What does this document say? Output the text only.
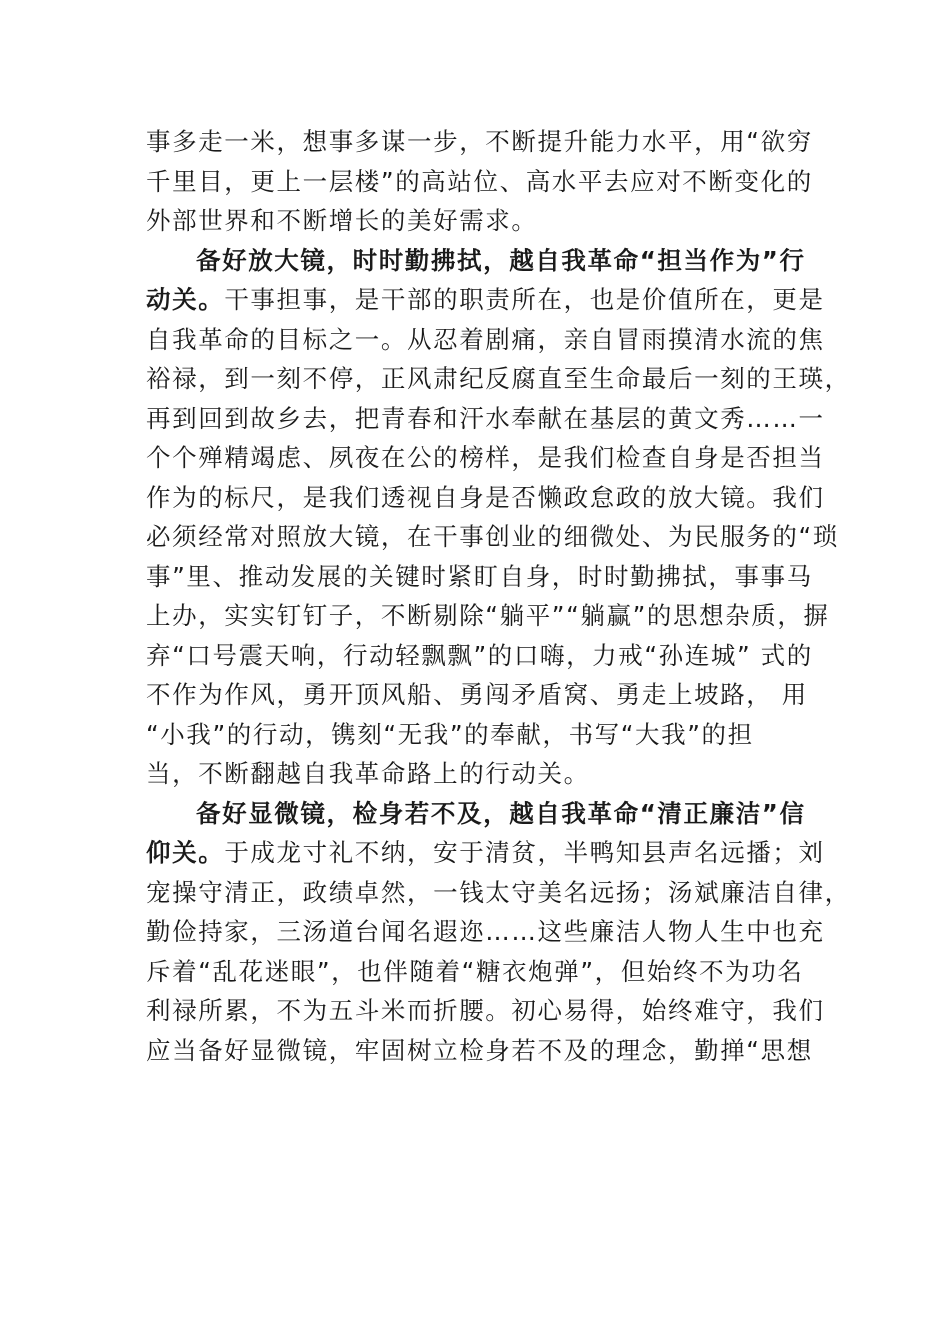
事多走一米，想事多谋一步，不断提升能力水平，用“欲穷
千里目，更上一层楼”的高站位、高水平去应对不断变化的
外部世界和不断增长的美好需求。
备好放大镜，时时勤拂拭，越自我革命“担当作为”行
动关。干事担事，是干部的职责所在，也是价值所在，更是
自我革命的目标之一。从忍着剧痛，亲自冒雨摸清水流的焦
裕禄，到一刻不停，正风肃纪反腐直至生命最后一刻的王瑛，
再到回到故乡去，把青春和汗水奉献在基层的黄文秀……一
个个殚精竭虑、夙夜在公的榜样，是我们检查自身是否担当
作为的标尺，是我们透视自身是否懒政怠政的放大镜。我们
必须经常对照放大镜，在干事创业的细微处、为民服务的“琐
事”里、推动发展的关键时紧盯自身，时时勤拂拭，事事马
上办，实实钉钉子，不断剔除“躺平”“躺赢”的思想杂质，摒
弃“口号震天响，行动轻飘飘”的口嗨，力戒“孙连城” 式的
不作为作风，勇开顶风船、勇闯矛盾窝、勇走上坡路， 用
“小我”的行动，镌刻“无我”的奉献，书写“大我”的担
当，不断翻越自我革命路上的行动关。
备好显微镜，检身若不及，越自我革命“清正廉洁”信
仰关。于成龙寸礼不纳，安于清贫，半鸭知县声名远播；刘
宠操守清正，政绩卓然，一钱太守美名远扬；汤斌廉洁自律，
勤俭持家，三汤道台闻名遐迩……这些廉洁人物人生中也充
斥着“乱花迷眼”，也伴随着“糖衣炮弹”，但始终不为功名
利禄所累，不为五斗米而折腰。初心易得，始终难守，我们
应当备好显微镜，牢固树立检身若不及的理念，勤掸“思想
